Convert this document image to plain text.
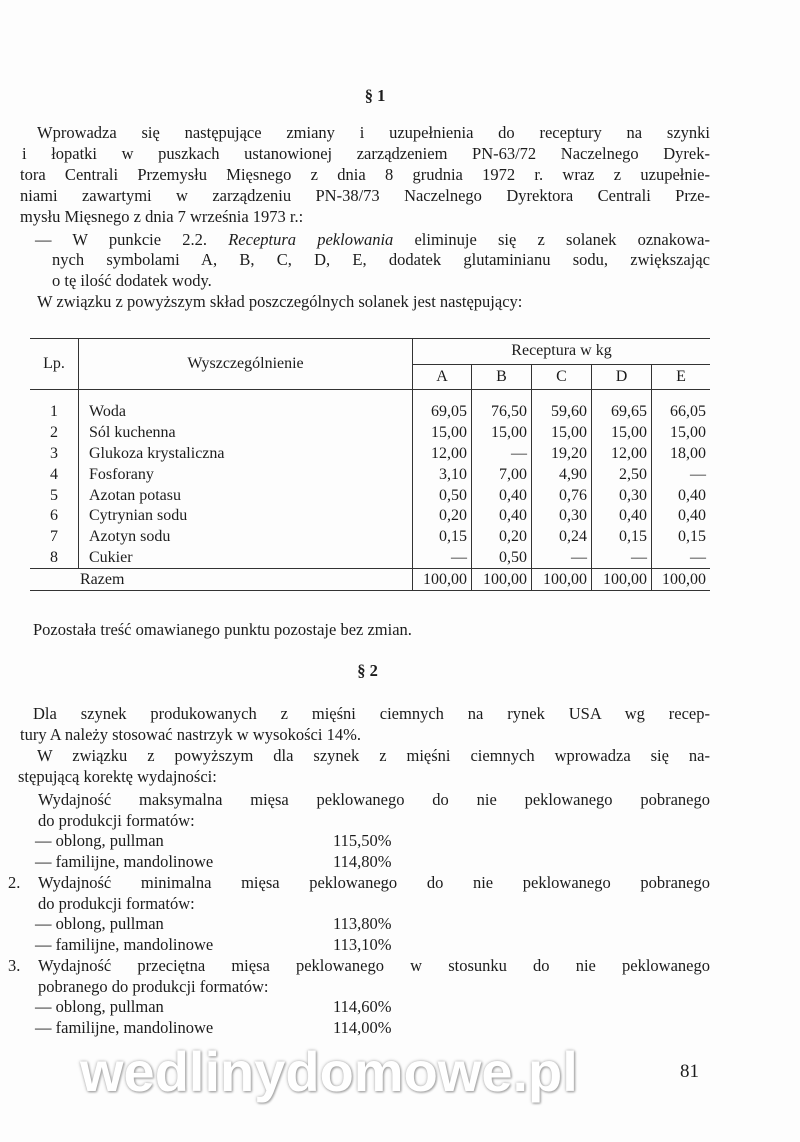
§ 1
Wprowadza się następujące zmiany i uzupełnienia do receptury na szynki
i łopatki w puszkach ustanowionej zarządzeniem PN-63/72 Naczelnego Dyrek-
tora Centrali Przemysłu Mięsnego z dnia 8 grudnia 1972 r. wraz z uzupełnie-
niami zawartymi w zarządzeniu PN-38/73 Naczelnego Dyrektora Centrali Prze-
mysłu Mięsnego z dnia 7 września 1973 r.:
— W punkcie 2.2. Receptura peklowania eliminuje się z solanek oznakowa-
nych symbolami A, B, C, D, E, dodatek glutaminianu sodu, zwiększając
o tę ilość dodatek wody.
W związku z powyższym skład poszczególnych solanek jest następujący:
Lp.	Wyszczególnienie	Receptura w kg				
		A	B	C	D	E
1	Woda	69,05	76,50	59,60	69,65	66,05
2	Sól kuchenna	15,00	15,00	15,00	15,00	15,00
3	Glukoza krystaliczna	12,00	—	19,20	12,00	18,00
4	Fosforany	3,10	7,00	4,90	2,50	—
5	Azotan potasu	0,50	0,40	0,76	0,30	0,40
6	Cytrynian sodu	0,20	0,40	0,30	0,40	0,40
7	Azotyn sodu	0,15	0,20	0,24	0,15	0,15
8	Cukier	—	0,50	—	—	—
Razem		100,00	100,00	100,00	100,00	100,00
Pozostała treść omawianego punktu pozostaje bez zmian.
§ 2
Dla szynek produkowanych z mięśni ciemnych na rynek USA wg recep-
tury A należy stosować nastrzyk w wysokości 14%.
W związku z powyższym dla szynek z mięśni ciemnych wprowadza się na-
stępującą korektę wydajności:
Wydajność maksymalna mięsa peklowanego do nie peklowanego pobranego
do produkcji formatów:
— oblong, pullman	115,50%
— familijne, mandolinowe	114,80%
2. Wydajność minimalna mięsa peklowanego do nie peklowanego pobranego
do produkcji formatów:
— oblong, pullman	113,80%
— familijne, mandolinowe	113,10%
3. Wydajność przeciętna mięsa peklowanego w stosunku do nie peklowanego
pobranego do produkcji formatów:
— oblong, pullman	114,60%
— familijne, mandolinowe	114,00%
wedlinydomowe.pl	81
